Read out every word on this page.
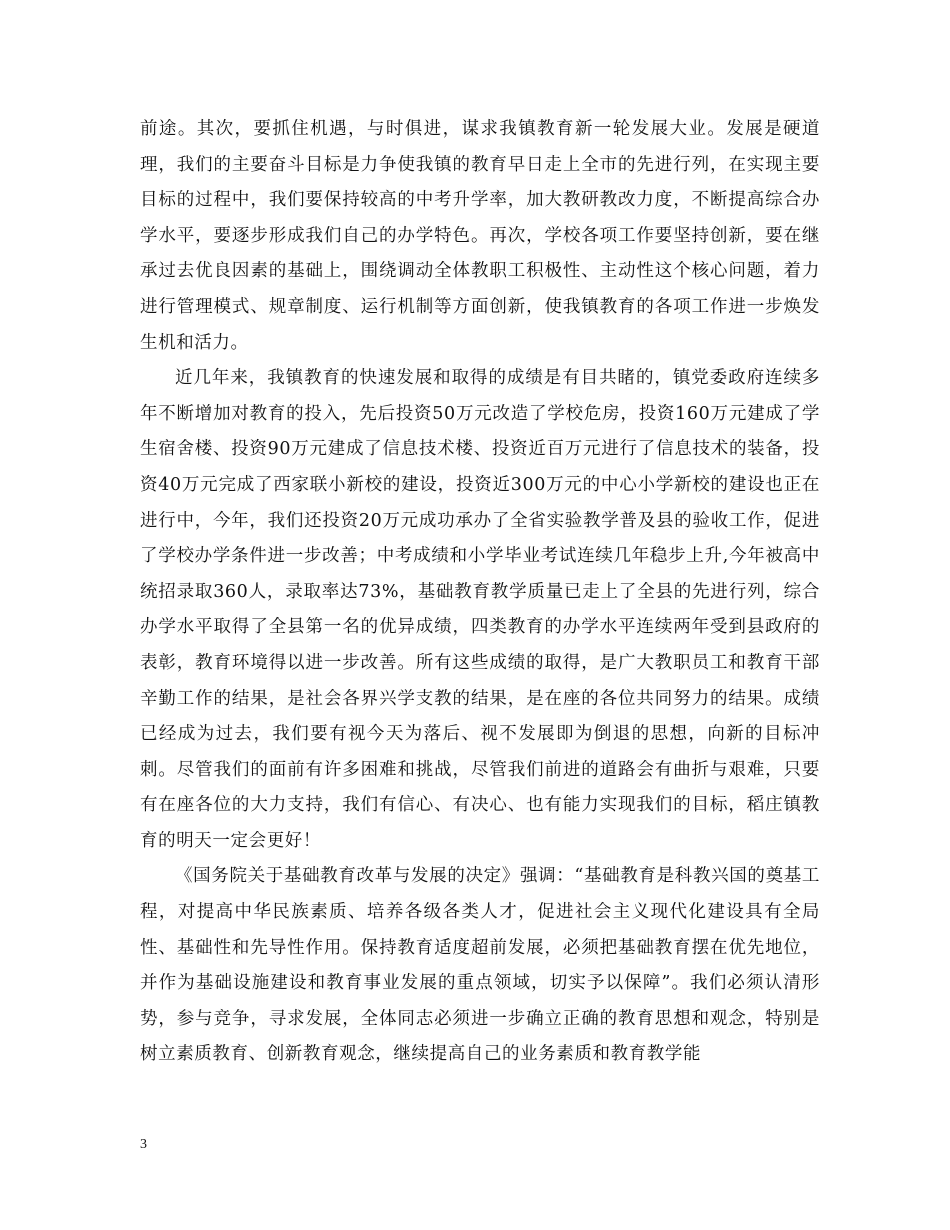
前途。其次，要抓住机遇，与时俱进，谋求我镇教育新一轮发展大业。发展是硬道理，我们的主要奋斗目标是力争使我镇的教育早日走上全市的先进行列，在实现主要目标的过程中，我们要保持较高的中考升学率，加大教研教改力度，不断提高综合办学水平，要逐步形成我们自己的办学特色。再次，学校各项工作要坚持创新，要在继承过去优良因素的基础上，围绕调动全体教职工积极性、主动性这个核心问题，着力进行管理模式、规章制度、运行机制等方面创新，使我镇教育的各项工作进一步焕发生机和活力。

近几年来，我镇教育的快速发展和取得的成绩是有目共睹的，镇党委政府连续多年不断增加对教育的投入，先后投资50万元改造了学校危房，投资160万元建成了学生宿舍楼、投资90万元建成了信息技术楼、投资近百万元进行了信息技术的装备，投资40万元完成了西家联小新校的建设，投资近300万元的中心小学新校的建设也正在进行中，今年，我们还投资20万元成功承办了全省实验教学普及县的验收工作，促进了学校办学条件进一步改善；中考成绩和小学毕业考试连续几年稳步上升,今年被高中统招录取360人，录取率达73%，基础教育教学质量已走上了全县的先进行列，综合办学水平取得了全县第一名的优异成绩，四类教育的办学水平连续两年受到县政府的表彰，教育环境得以进一步改善。所有这些成绩的取得，是广大教职员工和教育干部辛勤工作的结果，是社会各界兴学支教的结果，是在座的各位共同努力的结果。成绩已经成为过去，我们要有视今天为落后、视不发展即为倒退的思想，向新的目标冲刺。尽管我们的面前有许多困难和挑战，尽管我们前进的道路会有曲折与艰难，只要有在座各位的大力支持，我们有信心、有决心、也有能力实现我们的目标，稻庄镇教育的明天一定会更好！

《国务院关于基础教育改革与发展的决定》强调：“基础教育是科教兴国的奠基工程，对提高中华民族素质、培养各级各类人才，促进社会主义现代化建设具有全局性、基础性和先导性作用。保持教育适度超前发展，必须把基础教育摆在优先地位，并作为基础设施建设和教育事业发展的重点领域，切实予以保障”。我们必须认清形势，参与竞争，寻求发展，全体同志必须进一步确立正确的教育思想和观念，特别是树立素质教育、创新教育观念，继续提高自己的业务素质和教育教学能

3
